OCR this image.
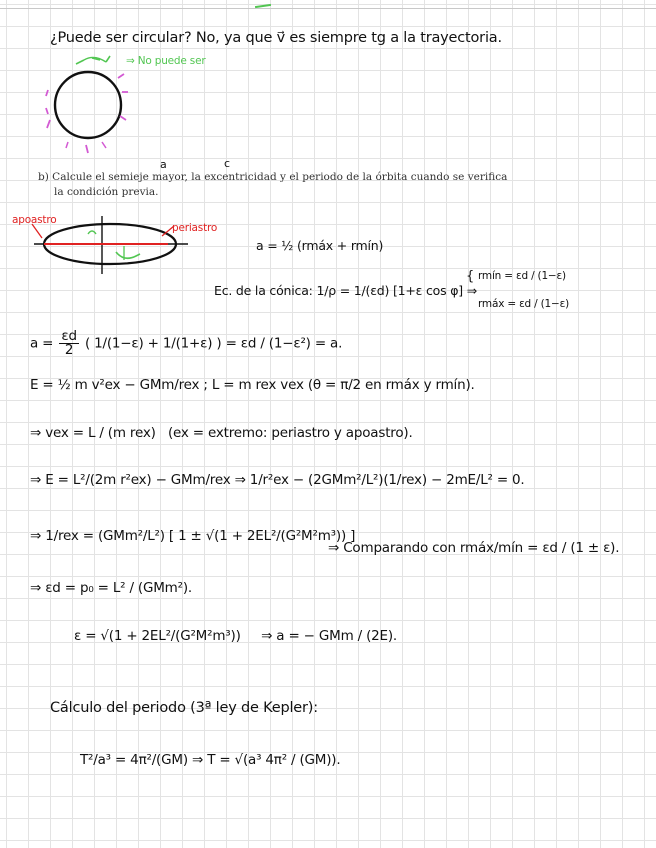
¿Puede ser circular? No, ya que v⃗ es siempre tg a la trayectoria.
⇒ No puede ser
a	c
b) Calcule el semieje mayor, la excentricidad y el periodo de la órbita cuando se verifica
la condición previa.
apoastro
periastro
a = ½ (rmáx + rmín)
Ec. de la cónica: 1/ρ = 1/(εd) [1+ε cos φ] ⇒
{ rmín = εd / (1−ε)
rmáx = εd / (1−ε)
$a = \frac{\varepsilon d}{2}$ ( 1/(1−ε) + 1/(1+ε) ) = εd / (1−ε²) = a.
E = ½ m v²ex − GMm/rex ; L = m rex vex (θ = π/2 en rmáx y rmín).
⇒ vex = L / (m rex) (ex = extremo: periastro y apoastro).
⇒ E = L²/(2m r²ex) − GMm/rex ⇒ 1/r²ex − (2GMm²/L²)(1/rex) − 2mE/L² = 0.
⇒ 1/rex = (GMm²/L²) [ 1 ± √(1 + 2EL²/(G²M²m³)) ]
⇒ Comparando con rmáx/mín = εd / (1 ± ε).
⇒ εd = p₀ = L² / (GMm²).
ε = √(1 + 2EL²/(G²M²m³)) ⇒ a = − GMm / (2E).
Cálculo del periodo (3ª ley de Kepler):
T²/a³ = 4π²/(GM) ⇒ T = √(a³ 4π² / (GM)).
